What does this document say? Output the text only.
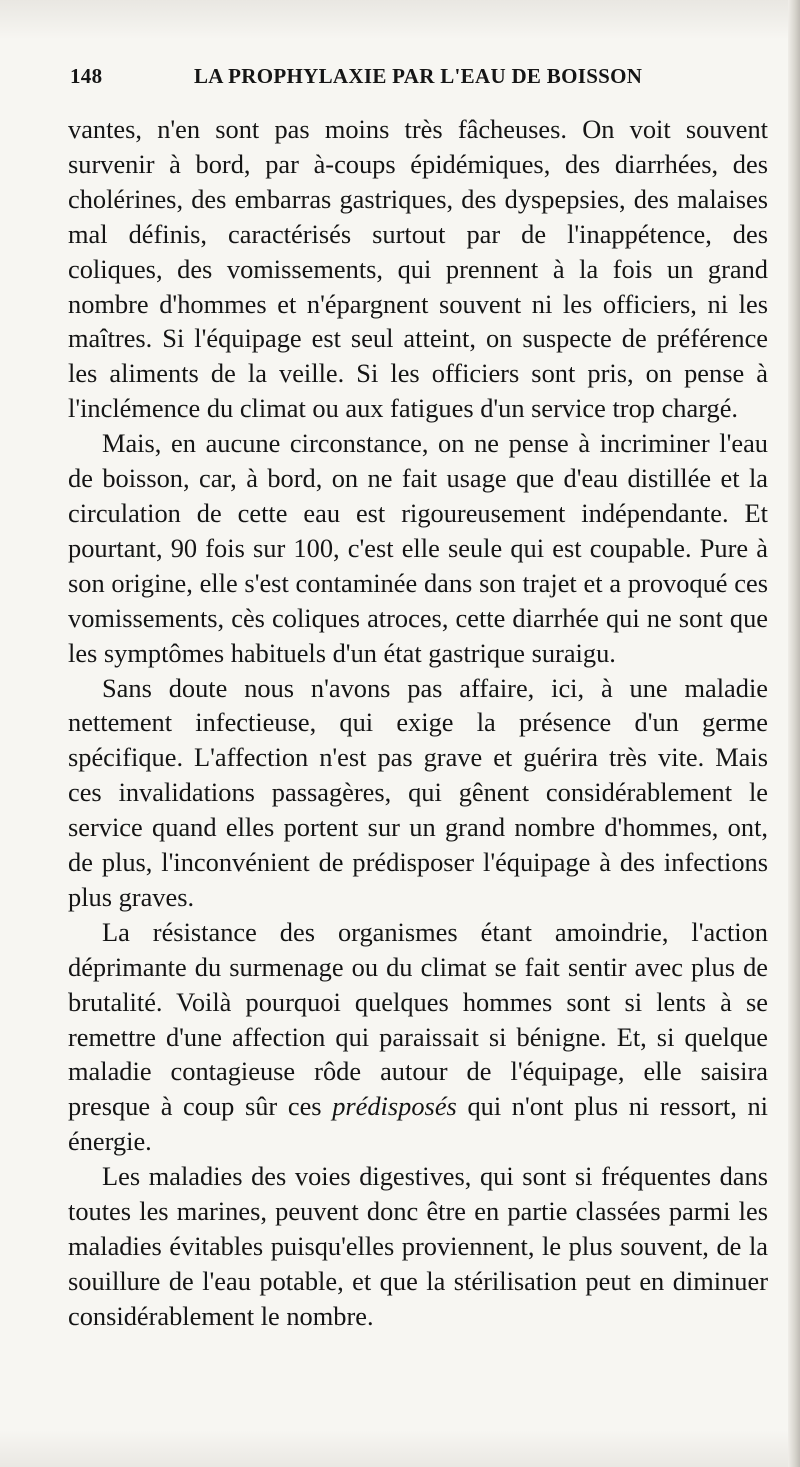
148	LA PROPHYLAXIE PAR L'EAU DE BOISSON

vantes, n'en sont pas moins très fâcheuses. On voit souvent survenir à bord, par à-coups épidémiques, des diarrhées, des cholérines, des embarras gastriques, des dyspepsies, des malaises mal définis, caractérisés surtout par de l'inappétence, des coliques, des vomissements, qui prennent à la fois un grand nombre d'hommes et n'épargnent souvent ni les officiers, ni les maîtres. Si l'équipage est seul atteint, on suspecte de préférence les aliments de la veille. Si les officiers sont pris, on pense à l'inclémence du climat ou aux fatigues d'un service trop chargé.

Mais, en aucune circonstance, on ne pense à incriminer l'eau de boisson, car, à bord, on ne fait usage que d'eau distillée et la circulation de cette eau est rigoureusement indépendante. Et pourtant, 90 fois sur 100, c'est elle seule qui est coupable. Pure à son origine, elle s'est contaminée dans son trajet et a provoqué ces vomissements, cès coliques atroces, cette diarrhée qui ne sont que les symptômes habituels d'un état gastrique suraigu.

Sans doute nous n'avons pas affaire, ici, à une maladie nettement infectieuse, qui exige la présence d'un germe spécifique. L'affection n'est pas grave et guérira très vite. Mais ces invalidations passagères, qui gênent considérablement le service quand elles portent sur un grand nombre d'hommes, ont, de plus, l'inconvénient de prédisposer l'équipage à des infections plus graves.

La résistance des organismes étant amoindrie, l'action déprimante du surmenage ou du climat se fait sentir avec plus de brutalité. Voilà pourquoi quelques hommes sont si lents à se remettre d'une affection qui paraissait si bénigne. Et, si quelque maladie contagieuse rôde autour de l'équipage, elle saisira presque à coup sûr ces prédisposés qui n'ont plus ni ressort, ni énergie.

Les maladies des voies digestives, qui sont si fréquentes dans toutes les marines, peuvent donc être en partie classées parmi les maladies évitables puisqu'elles proviennent, le plus souvent, de la souillure de l'eau potable, et que la stérilisation peut en diminuer considérablement le nombre.
